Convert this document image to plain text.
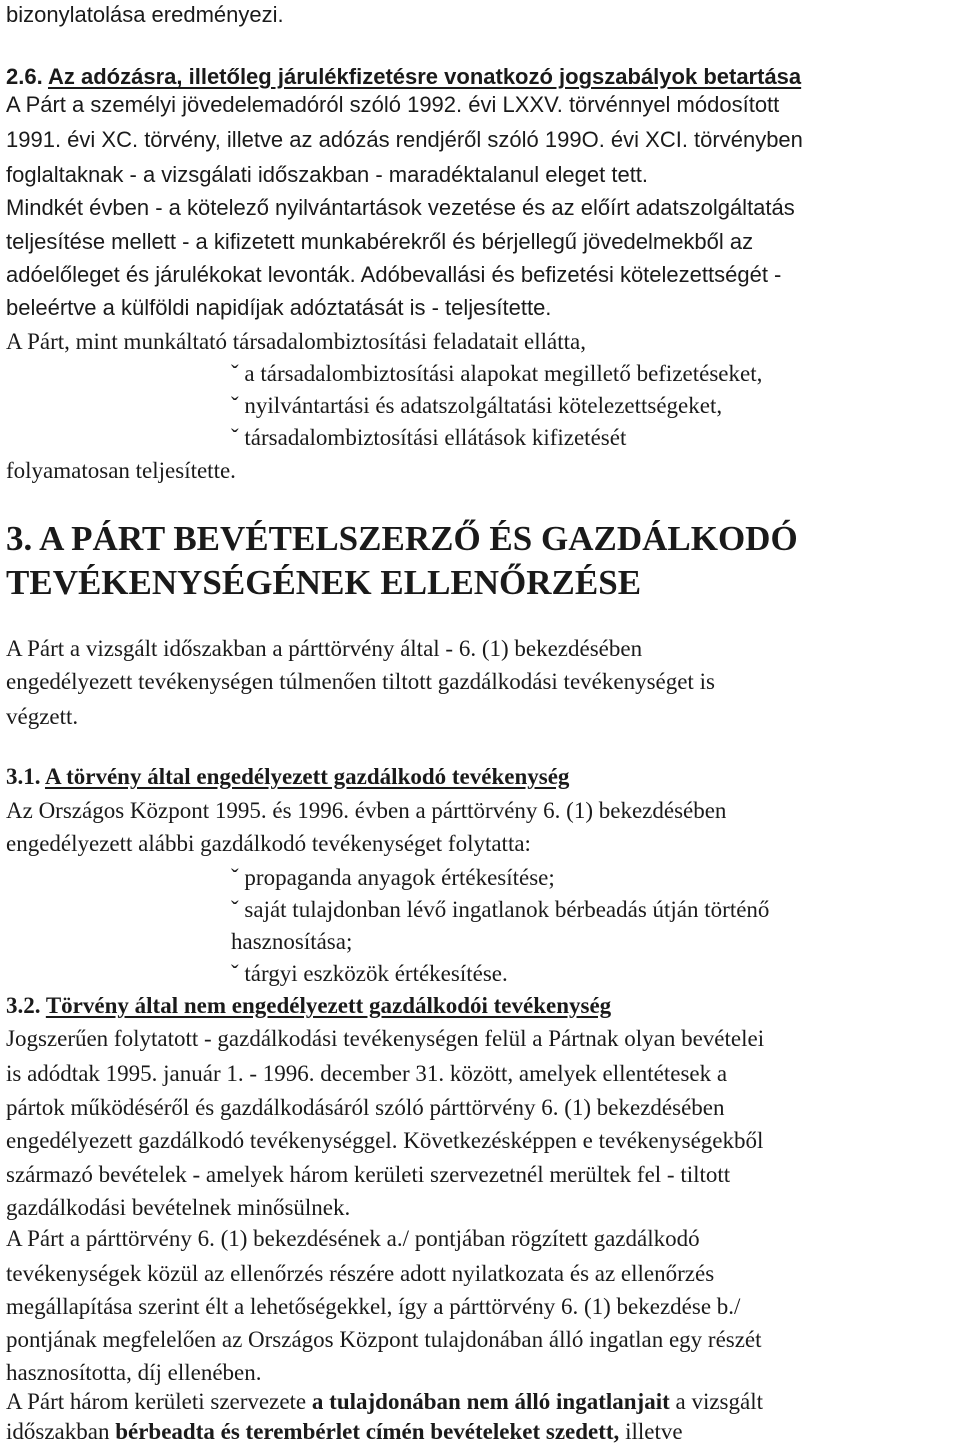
bizonylatolása eredményezi.
2.6. Az adózásra, illetőleg járulékfizetésre vonatkozó jogszabályok betartása
A Párt a személyi jövedelemadóról szóló 1992. évi LXXV. törvénnyel módosított
1991. évi XC. törvény, illetve az adózás rendjéről szóló 199O. évi XCI. törvényben
foglaltaknak - a vizsgálati időszakban - maradéktalanul eleget tett.
Mindkét évben - a kötelező nyilvántartások vezetése és az előírt adatszolgáltatás
teljesítése mellett - a kifizetett munkabérekről és bérjellegű jövedelmekből az
adóelőleget és járulékokat levonták. Adóbevallási és befizetési kötelezettségét -
beleértve a külföldi napidíjak adóztatását is - teljesítette.
A Párt, mint munkáltató társadalombiztosítási feladatait ellátta,
ˇ a társadalombiztosítási alapokat megillető befizetéseket,
ˇ nyilvántartási és adatszolgáltatási kötelezettségeket,
ˇ társadalombiztosítási ellátások kifizetését
folyamatosan teljesítette.
3. A PÁRT BEVÉTELSZERZŐ ÉS GAZDÁLKODÓ
TEVÉKENYSÉGÉNEK ELLENŐRZÉSE
A Párt a vizsgált időszakban a párttörvény által - 6. (1) bekezdésében
engedélyezett tevékenységen túlmenően tiltott gazdálkodási tevékenységet is
végzett.
3.1. A törvény által engedélyezett gazdálkodó tevékenység
Az Országos Központ 1995. és 1996. évben a párttörvény 6. (1) bekezdésében
engedélyezett alábbi gazdálkodó tevékenységet folytatta:
ˇ propaganda anyagok értékesítése;
ˇ saját tulajdonban lévő ingatlanok bérbeadás útján történő
hasznosítása;
ˇ tárgyi eszközök értékesítése.
3.2. Törvény által nem engedélyezett gazdálkodói tevékenység
Jogszerűen folytatott - gazdálkodási tevékenységen felül a Pártnak olyan bevételei
is adódtak 1995. január 1. - 1996. december 31. között, amelyek ellentétesek a
pártok működéséről és gazdálkodásáról szóló párttörvény 6. (1) bekezdésében
engedélyezett gazdálkodó tevékenységgel. Következésképpen e tevékenységekből
származó bevételek - amelyek három kerületi szervezetnél merültek fel - tiltott
gazdálkodási bevételnek minősülnek.
A Párt a párttörvény 6. (1) bekezdésének a./ pontjában rögzített gazdálkodó
tevékenységek közül az ellenőrzés részére adott nyilatkozata és az ellenőrzés
megállapítása szerint élt a lehetőségekkel, így a párttörvény 6. (1) bekezdése b./
pontjának megfelelően az Országos Központ tulajdonában álló ingatlan egy részét
hasznosította, díj ellenében.
A Párt három kerületi szervezete a tulajdonában nem álló ingatlanjait a vizsgált
időszakban bérbeadta és terembérlet címén bevételeket szedett, illetve
